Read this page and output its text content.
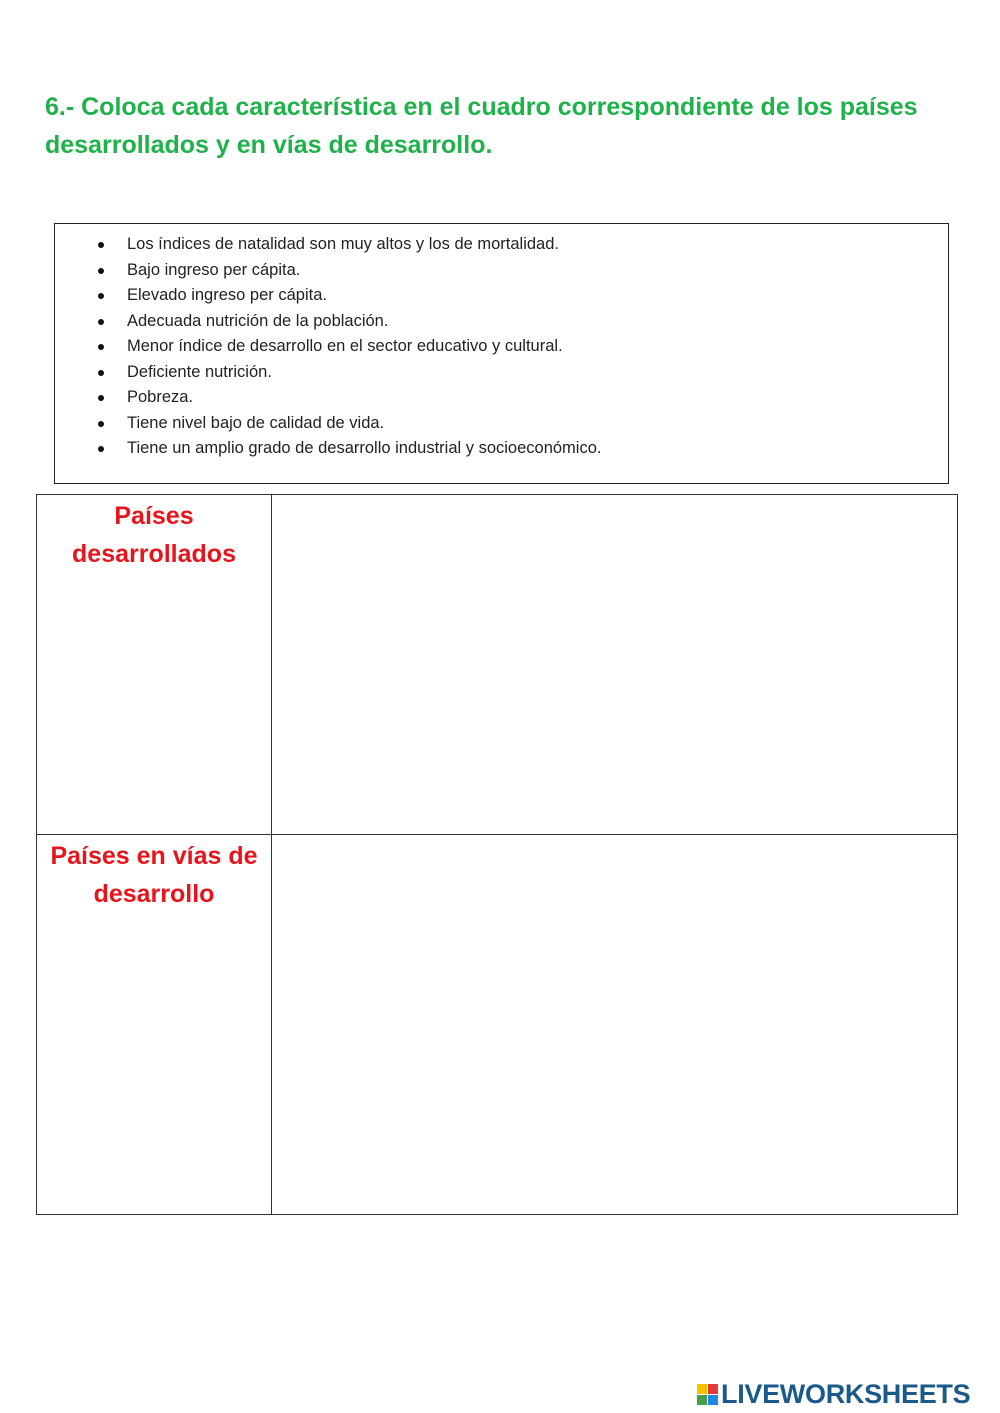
6.- Coloca cada característica en el cuadro correspondiente de los países desarrollados y en vías de desarrollo.

Los índices de natalidad son muy altos y los de mortalidad.
Bajo ingreso per cápita.
Elevado ingreso per cápita.
Adecuada nutrición de la población.
Menor índice de desarrollo en el sector educativo y cultural.
Deficiente nutrición.
Pobreza.
Tiene nivel bajo de calidad de vida.
Tiene un amplio grado de desarrollo industrial y socioeconómico.
Países desarrollados	

Países en vías de desarrollo	

LIVEWORKSHEETS
